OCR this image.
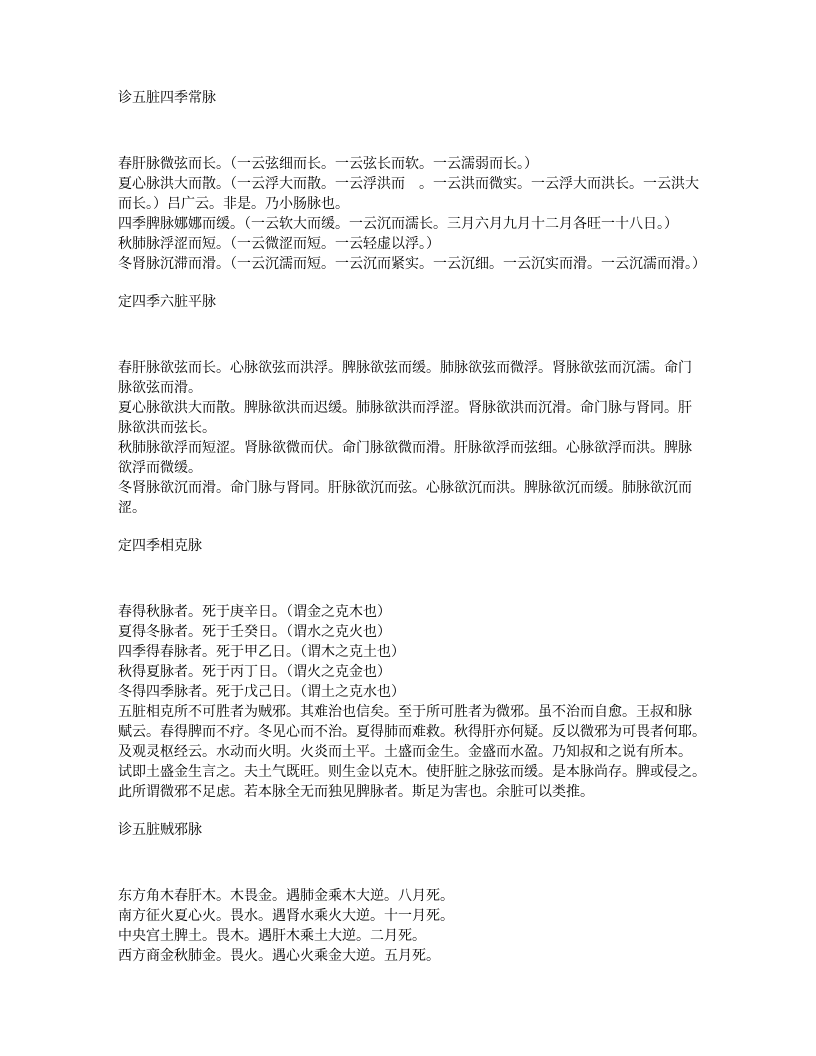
诊五脏四季常脉
春肝脉微弦而长。（一云弦细而长。一云弦长而软。一云濡弱而长。）
夏心脉洪大而散。（一云浮大而散。一云浮洪而　。一云洪而微实。一云浮大而洪长。一云洪大
而长。）吕广云。非是。乃小肠脉也。
四季脾脉娜娜而缓。（一云软大而缓。一云沉而濡长。三月六月九月十二月各旺一十八日。）
秋肺脉浮涩而短。（一云微涩而短。一云轻虚以浮。）
冬肾脉沉滞而滑。（一云沉濡而短。一云沉而紧实。一云沉细。一云沉实而滑。一云沉濡而滑。）
定四季六脏平脉
春肝脉欲弦而长。心脉欲弦而洪浮。脾脉欲弦而缓。肺脉欲弦而微浮。肾脉欲弦而沉濡。命门
脉欲弦而滑。
夏心脉欲洪大而散。脾脉欲洪而迟缓。肺脉欲洪而浮涩。肾脉欲洪而沉滑。命门脉与肾同。肝
脉欲洪而弦长。
秋肺脉欲浮而短涩。肾脉欲微而伏。命门脉欲微而滑。肝脉欲浮而弦细。心脉欲浮而洪。脾脉
欲浮而微缓。
冬肾脉欲沉而滑。命门脉与肾同。肝脉欲沉而弦。心脉欲沉而洪。脾脉欲沉而缓。肺脉欲沉而
涩。
定四季相克脉
春得秋脉者。死于庚辛日。（谓金之克木也）
夏得冬脉者。死于壬癸日。（谓水之克火也）
四季得春脉者。死于甲乙日。（谓木之克土也）
秋得夏脉者。死于丙丁日。（谓火之克金也）
冬得四季脉者。死于戊己日。（谓土之克水也）
五脏相克所不可胜者为贼邪。其难治也信矣。至于所可胜者为微邪。虽不治而自愈。王叔和脉
赋云。春得脾而不疗。冬见心而不治。夏得肺而难救。秋得肝亦何疑。反以微邪为可畏者何耶。
及观灵枢经云。水动而火明。火炎而土平。土盛而金生。金盛而水盈。乃知叔和之说有所本。
试即土盛金生言之。夫土气既旺。则生金以克木。使肝脏之脉弦而缓。是本脉尚存。脾或侵之。
此所谓微邪不足虑。若本脉全无而独见脾脉者。斯足为害也。余脏可以类推。
诊五脏贼邪脉
东方角木春肝木。木畏金。遇肺金乘木大逆。八月死。
南方征火夏心火。畏水。遇肾水乘火大逆。十一月死。
中央宫土脾土。畏木。遇肝木乘土大逆。二月死。
西方商金秋肺金。畏火。遇心火乘金大逆。五月死。
